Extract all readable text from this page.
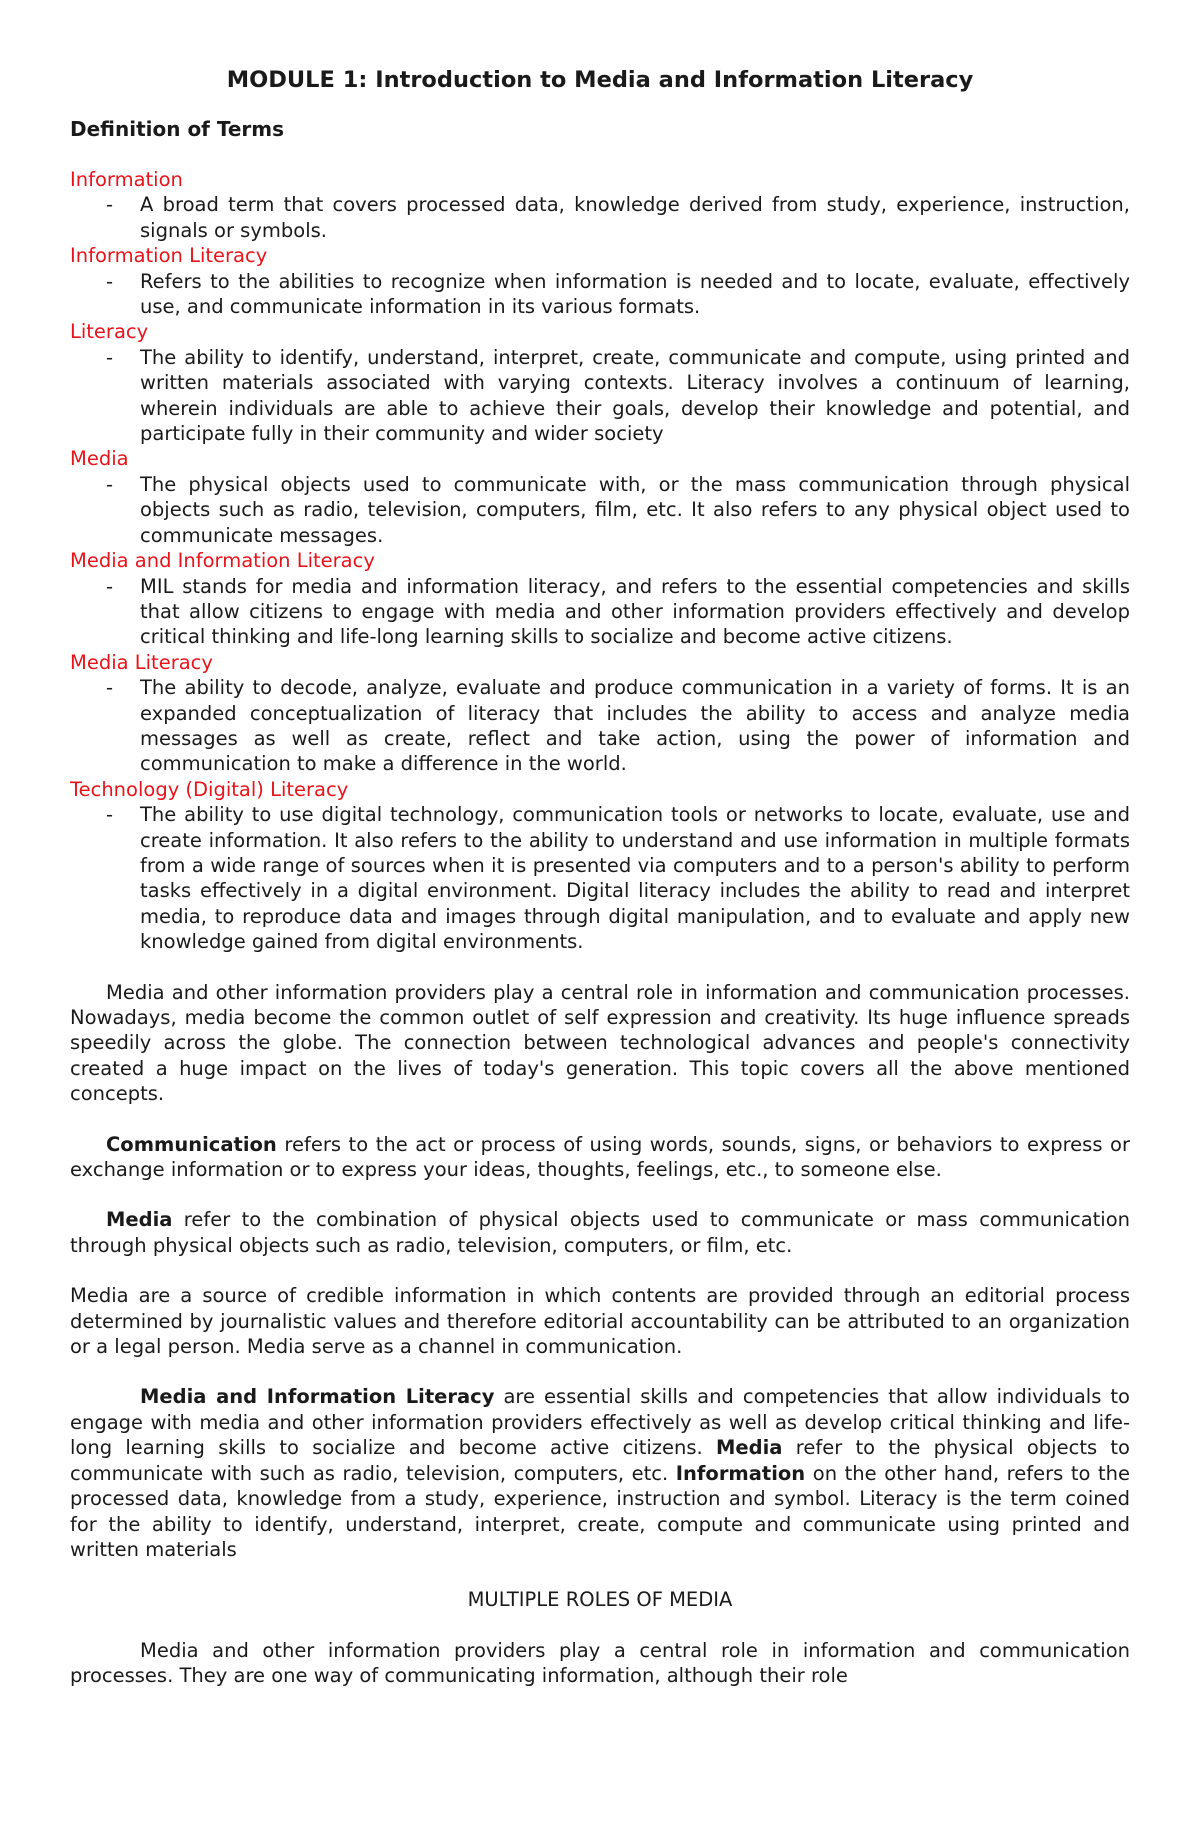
MODULE 1: Introduction to Media and Information Literacy
Definition of Terms
Information
-	A broad term that covers processed data, knowledge derived from study, experience, instruction, signals or symbols.
Information Literacy
-	Refers to the abilities to recognize when information is needed and to locate, evaluate, effectively use, and communicate information in its various formats.
Literacy
-	The ability to identify, understand, interpret, create, communicate and compute, using printed and written materials associated with varying contexts. Literacy involves a continuum of learning, wherein individuals are able to achieve their goals, develop their knowledge and potential, and participate fully in their community and wider society
Media
-	The physical objects used to communicate with, or the mass communication through physical objects such as radio, television, computers, film, etc. It also refers to any physical object used to communicate messages.
Media and Information Literacy
-	MIL stands for media and information literacy, and refers to the essential competencies and skills that allow citizens to engage with media and other information providers effectively and develop critical thinking and life-long learning skills to socialize and become active citizens.
Media Literacy
-	The ability to decode, analyze, evaluate and produce communication in a variety of forms. It is an expanded conceptualization of literacy that includes the ability to access and analyze media messages as well as create, reflect and take action, using the power of information and communication to make a difference in the world.
Technology (Digital) Literacy
-	The ability to use digital technology, communication tools or networks to locate, evaluate, use and create information. It also refers to the ability to understand and use information in multiple formats from a wide range of sources when it is presented via computers and to a person's ability to perform tasks effectively in a digital environment. Digital literacy includes the ability to read and interpret media, to reproduce data and images through digital manipulation, and to evaluate and apply new knowledge gained from digital environments.

Media and other information providers play a central role in information and communication processes. Nowadays, media become the common outlet of self expression and creativity. Its huge influence spreads speedily across the globe. The connection between technological advances and people's connectivity created a huge impact on the lives of today's generation. This topic covers all the above mentioned concepts.

Communication refers to the act or process of using words, sounds, signs, or behaviors to express or exchange information or to express your ideas, thoughts, feelings, etc., to someone else.

Media refer to the combination of physical objects used to communicate or mass communication through physical objects such as radio, television, computers, or film, etc.

Media are a source of credible information in which contents are provided through an editorial process determined by journalistic values and therefore editorial accountability can be attributed to an organization or a legal person. Media serve as a channel in communication.

Media and Information Literacy are essential skills and competencies that allow individuals to engage with media and other information providers effectively as well as develop critical thinking and life-long learning skills to socialize and become active citizens. Media refer to the physical objects to communicate with such as radio, television, computers, etc. Information on the other hand, refers to the processed data, knowledge from a study, experience, instruction and symbol. Literacy is the term coined for the ability to identify, understand, interpret, create, compute and communicate using printed and written materials

MULTIPLE ROLES OF MEDIA

Media and other information providers play a central role in information and communication processes. They are one way of communicating information, although their role
